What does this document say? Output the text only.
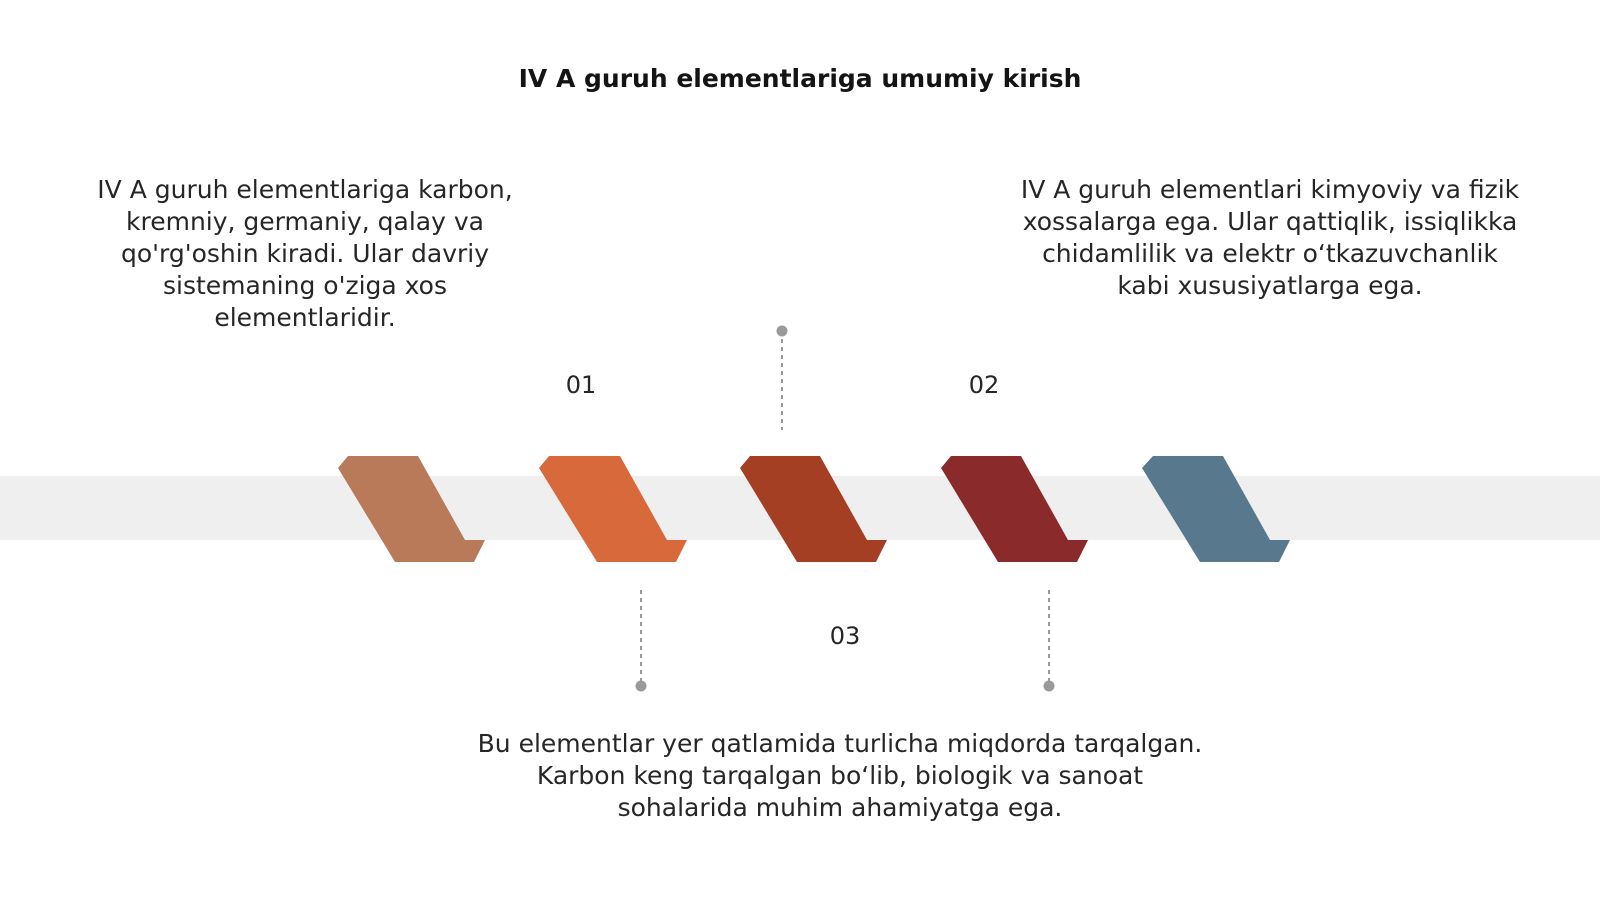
IV A guruh elementlariga umumiy kirish
IV A guruh elementlariga karbon, kremniy, germaniy, qalay va qo'rg'oshin kiradi. Ular davriy sistemaning o'ziga xos elementlaridir.
IV A guruh elementlari kimyoviy va fizik xossalarga ega. Ular qattiqlik, issiqlikka chidamlilik va elektr o‘tkazuvchanlik kabi xususiyatlarga ega.
Bu elementlar yer qatlamida turlicha miqdorda tarqalgan. Karbon keng tarqalgan bo‘lib, biologik va sanoat sohalarida muhim ahamiyatga ega.
01	02
03
